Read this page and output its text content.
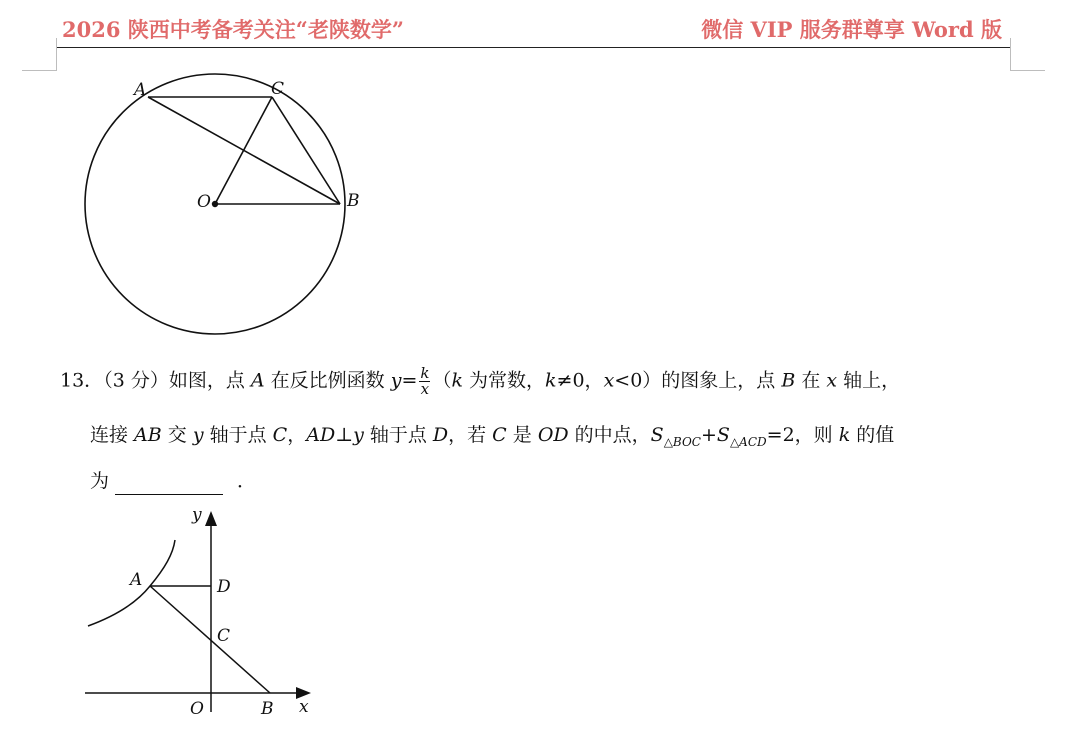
2026 陕西中考备考关注“老陕数学”	微信 VIP 服务群尊享 Word 版
A	C
O	B
13．（3 分）如图，点 A 在反比例函数 $y= \frac{k}{x} (k$ 为常数，k≠0，x<0）的图象上，点 B 在 x 轴上，
连接 AB 交 y 轴于点 C，AD⊥y 轴于点 D，若 C 是 OD 的中点，$S_{\triangle BOC}+S_{\triangle ACD}=2$，则 k 的值
为	．
y
A	D
C
O	B x
